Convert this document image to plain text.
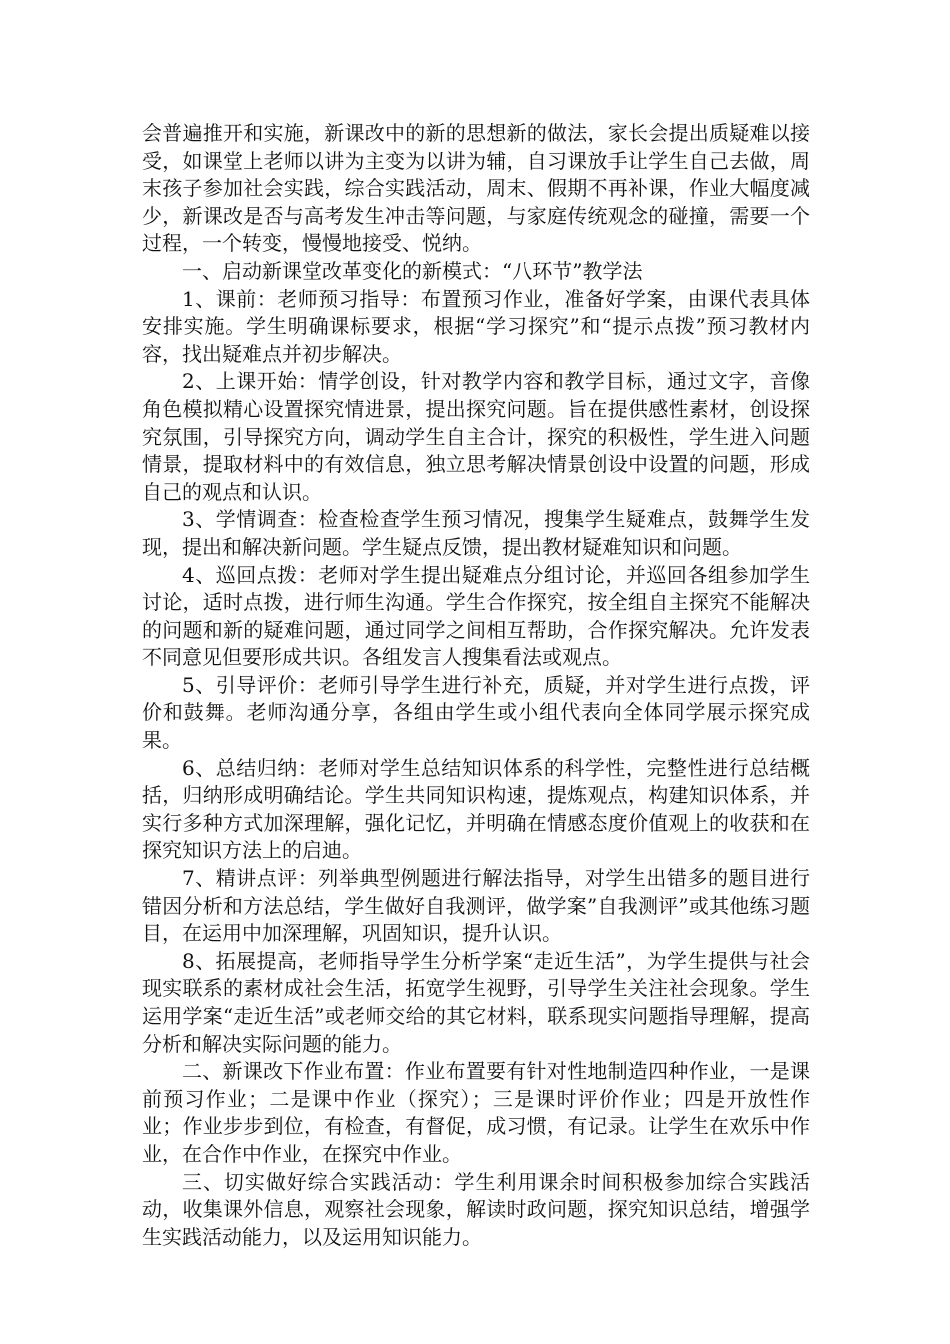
会普遍推开和实施，新课改中的新的思想新的做法，家长会提出质疑难以接受，如课堂上老师以讲为主变为以讲为辅，自习课放手让学生自己去做，周末孩子参加社会实践，综合实践活动，周末、假期不再补课，作业大幅度减少，新课改是否与高考发生冲击等问题，与家庭传统观念的碰撞，需要一个过程，一个转变，慢慢地接受、悦纳。

一、启动新课堂改革变化的新模式：“八环节”教学法

1、课前：老师预习指导：布置预习作业，准备好学案，由课代表具体安排实施。学生明确课标要求，根据“学习探究”和“提示点拨”预习教材内容，找出疑难点并初步解决。

2、上课开始：情学创设，针对教学内容和教学目标，通过文字，音像角色模拟精心设置探究情进景，提出探究问题。旨在提供感性素材，创设探究氛围，引导探究方向，调动学生自主合计，探究的积极性，学生进入问题情景，提取材料中的有效信息，独立思考解决情景创设中设置的问题，形成自己的观点和认识。

3、学情调查：检查检查学生预习情况，搜集学生疑难点，鼓舞学生发现，提出和解决新问题。学生疑点反馈，提出教材疑难知识和问题。

4、巡回点拨：老师对学生提出疑难点分组讨论，并巡回各组参加学生讨论，适时点拨，进行师生沟通。学生合作探究，按全组自主探究不能解决的问题和新的疑难问题，通过同学之间相互帮助，合作探究解决。允许发表不同意见但要形成共识。各组发言人搜集看法或观点。

5、引导评价：老师引导学生进行补充，质疑，并对学生进行点拨，评价和鼓舞。老师沟通分享，各组由学生或小组代表向全体同学展示探究成果。

6、总结归纳：老师对学生总结知识体系的科学性，完整性进行总结概括，归纳形成明确结论。学生共同知识构速，提炼观点，构建知识体系，并实行多种方式加深理解，强化记忆，并明确在情感态度价值观上的收获和在探究知识方法上的启迪。

7、精讲点评：列举典型例题进行解法指导，对学生出错多的题目进行错因分析和方法总结，学生做好自我测评，做学案”自我测评”或其他练习题目，在运用中加深理解，巩固知识，提升认识。

8、拓展提高，老师指导学生分析学案“走近生活”，为学生提供与社会现实联系的素材成社会生活，拓宽学生视野，引导学生关注社会现象。学生运用学案“走近生活”或老师交给的其它材料，联系现实问题指导理解，提高分析和解决实际问题的能力。

二、新课改下作业布置：作业布置要有针对性地制造四种作业，一是课前预习作业；二是课中作业（探究）；三是课时评价作业；四是开放性作业；作业步步到位，有检查，有督促，成习惯，有记录。让学生在欢乐中作业，在合作中作业，在探究中作业。

三、切实做好综合实践活动：学生利用课余时间积极参加综合实践活动，收集课外信息，观察社会现象，解读时政问题，探究知识总结，增强学生实践活动能力，以及运用知识能力。
